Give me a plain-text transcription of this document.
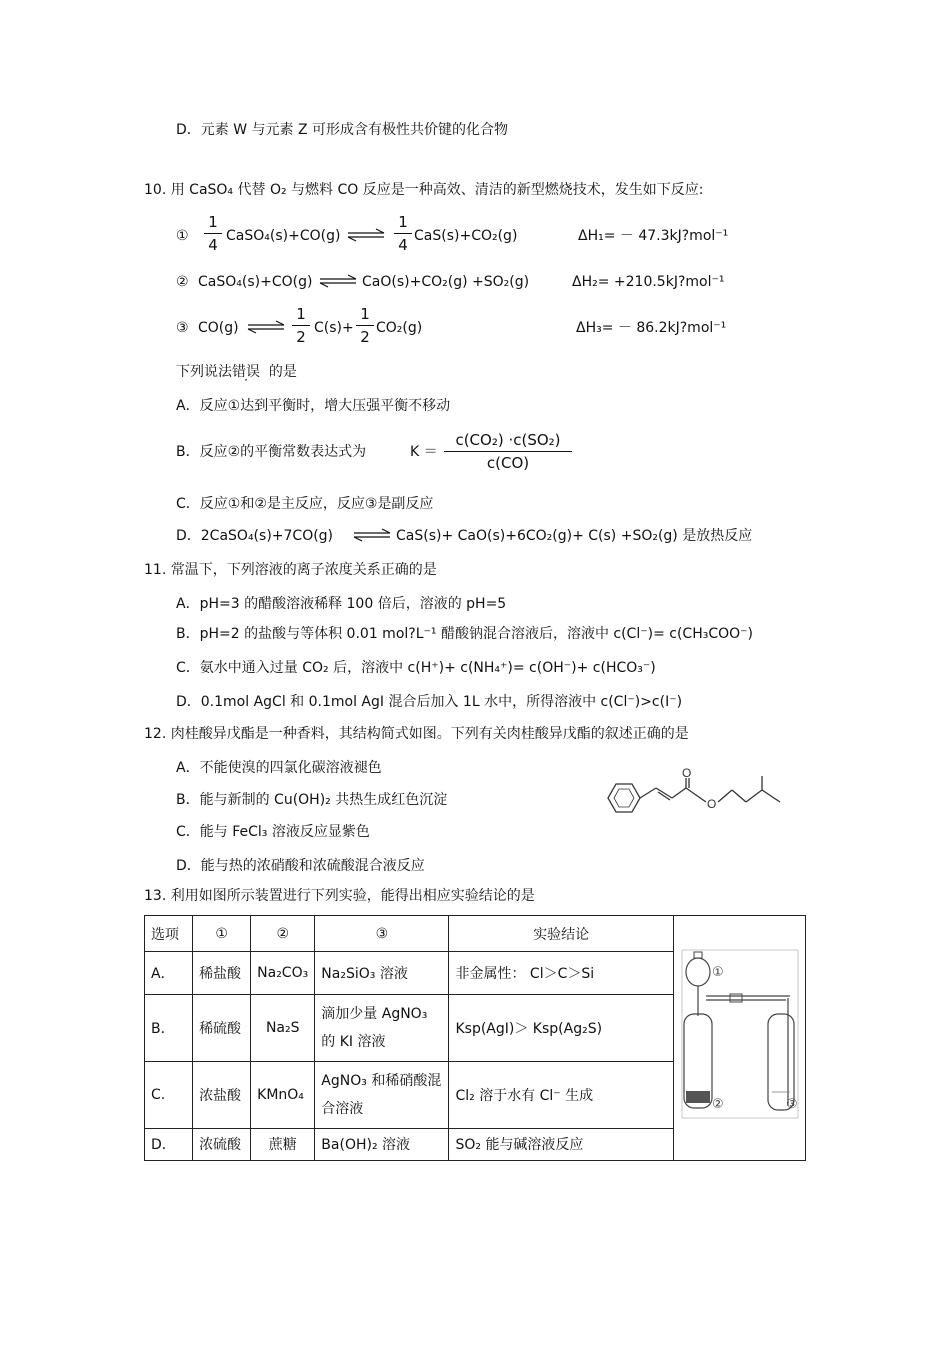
D．元素 W 与元素 Z 可形成含有极性共价键的化合物
10. 用 CaSO₄ 代替 O₂ 与燃料 CO 反应是一种高效、清洁的新型燃烧技术，发生如下反应:
①
1
4 CaSO₄(s)+CO(g) ⇌
1
4 CaS(s)+CO₂(g)	ΔH₁= － 47.3kJ?mol⁻¹
② CaSO₄(s)+CO(g) ⇌ CaO(s)+CO₂(g) +SO₂(g)	ΔH₂= +210.5kJ?mol⁻¹
③ CO(g) ⇌
1
2 C(s)+
1
2 CO₂(g)	ΔH₃= － 86.2kJ?mol⁻¹
下列说法错误 的是
A．反应①达到平衡时，增大压强平衡不移动
B．反应②的平衡常数表达式为	K ＝
c(CO₂) ·c(SO₂)
c(CO)
C．反应①和②是主反应，反应③是副反应
D．2CaSO₄(s)+7CO(g) ⇌ CaS(s)+ CaO(s)+6CO₂(g)+ C(s) +SO₂(g) 是放热反应
11. 常温下，下列溶液的离子浓度关系正确的是
A．pH=3 的醋酸溶液稀释 100 倍后，溶液的 pH=5
B．pH=2 的盐酸与等体积 0.01 mol?L⁻¹ 醋酸钠混合溶液后，溶液中 c(Cl⁻)= c(CH₃COO⁻)
C．氨水中通入过量 CO₂ 后，溶液中 c(H⁺)+ c(NH₄⁺)= c(OH⁻)+ c(HCO₃⁻)
D．0.1mol AgCl 和 0.1mol AgI 混合后加入 1L 水中，所得溶液中 c(Cl⁻)>c(I⁻)
12. 肉桂酸异戊酯是一种香料，其结构简式如图。下列有关肉桂酸异戊酯的叙述正确的是
A．不能使溴的四氯化碳溶液褪色
B．能与新制的 Cu(OH)₂ 共热生成红色沉淀
C．能与 FeCl₃ 溶液反应显紫色
D．能与热的浓硝酸和浓硫酸混合液反应
O
O
13. 利用如图所示装置进行下列实验，能得出相应实验结论的是
选项	①	②	③	实验结论	①
② ③

A．	稀盐酸	Na₂CO₃	Na₂SiO₃ 溶液	非金属性： Cl＞C＞Si	
B．	稀硫酸	Na₂S	滴加少量 AgNO₃ 的 KI 溶液	Ksp(AgI)＞ Ksp(Ag₂S)	
C.	浓盐酸	KMnO₄	AgNO₃ 和稀硝酸混合溶液	Cl₂ 溶于水有 Cl⁻ 生成	
D．	浓硫酸	蔗糖	Ba(OH)₂ 溶液	SO₂ 能与碱溶液反应	
